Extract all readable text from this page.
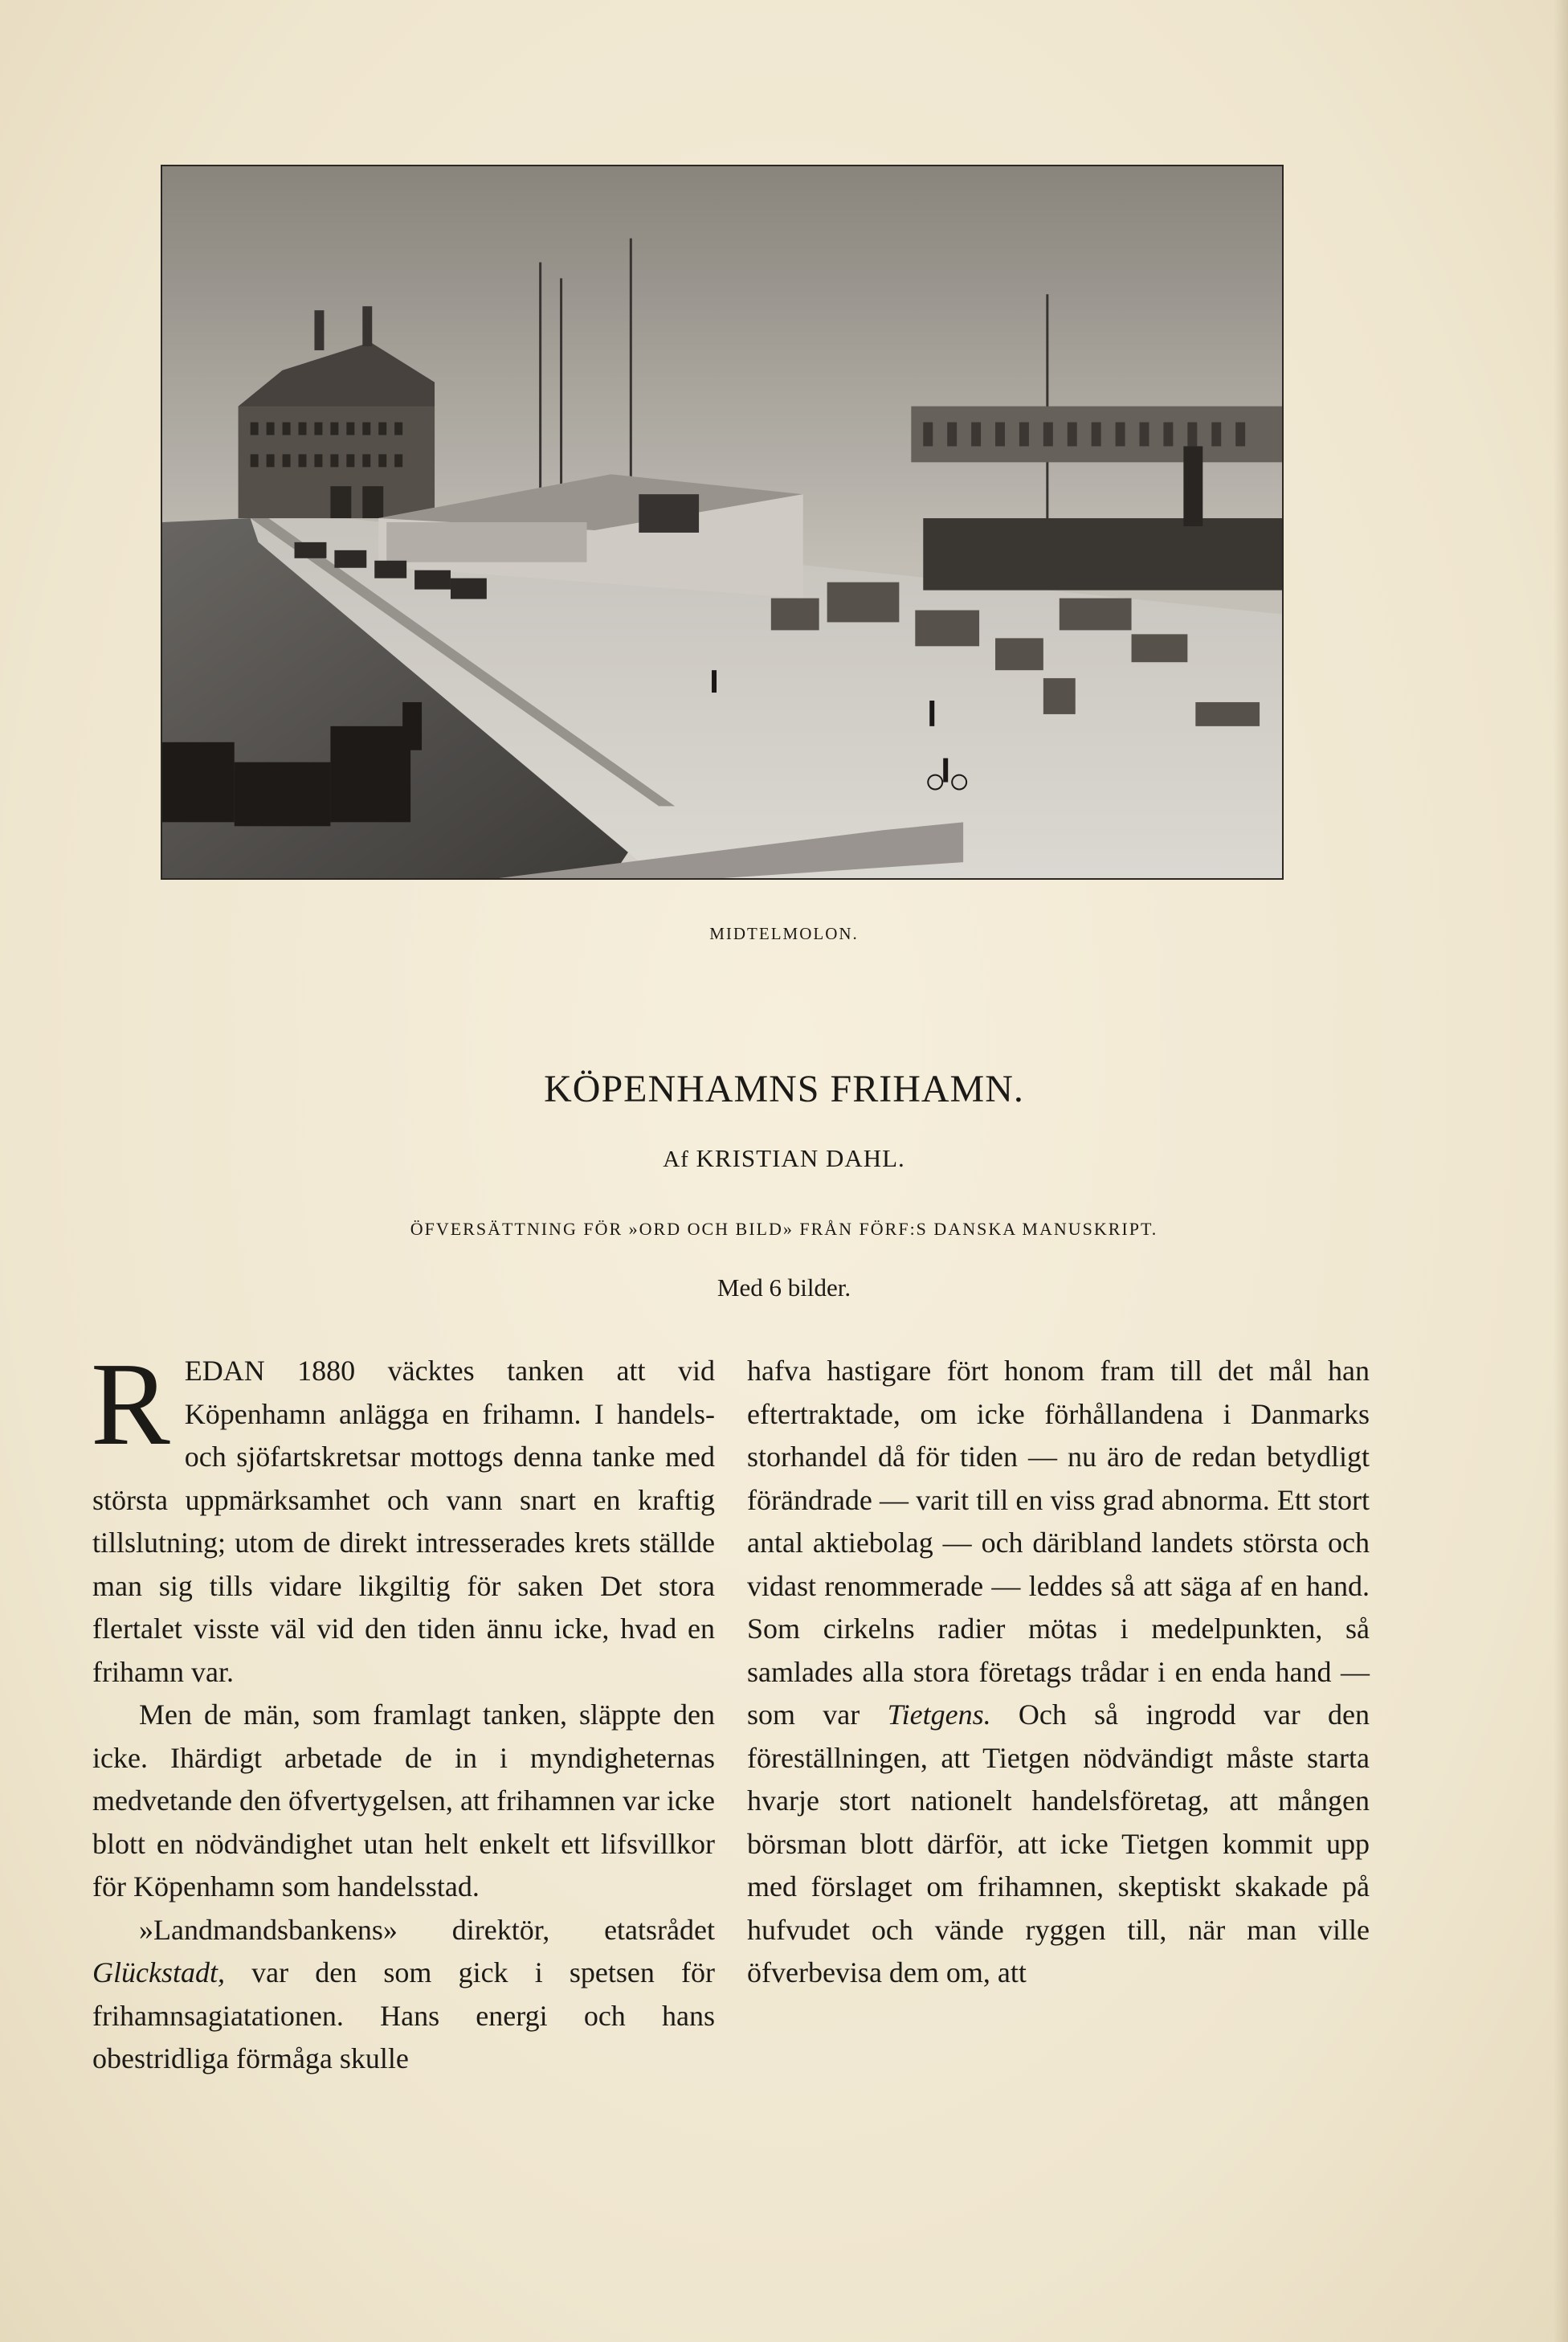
MIDTELMOLON.
KÖPENHAMNS FRIHAMN.
Af KRISTIAN DAHL.
ÖFVERSÄTTNING FÖR »ORD OCH BILD» FRÅN FÖRF:S DANSKA MANUSKRIPT.
Med 6 bilder.

REDAN 1880 väcktes tanken att vid Köpenhamn anlägga en frihamn. I handels- och sjöfartskretsar mottogs denna tanke med största uppmärksamhet och vann snart en kraftig tillslutning; utom de direkt intresserades krets ställde man sig tills vidare likgiltig för saken Det stora flertalet visste väl vid den tiden ännu icke, hvad en frihamn var.

Men de män, som framlagt tanken, släppte den icke. Ihärdigt arbetade de in i myndigheternas medvetande den öfvertygelsen, att frihamnen var icke blott en nödvändighet utan helt enkelt ett lifsvillkor för Köpenhamn som handelsstad.

»Landmandsbankens» direktör, etatsrådet Glückstadt, var den som gick i spetsen för frihamnsagiatationen. Hans energi och hans obestridliga förmåga skulle

hafva hastigare fört honom fram till det mål han eftertraktade, om icke förhållandena i Danmarks storhandel då för tiden — nu äro de redan betydligt förändrade — varit till en viss grad abnorma. Ett stort antal aktiebolag — och däribland landets största och vidast renommerade — leddes så att säga af en hand. Som cirkelns radier mötas i medelpunkten, så samlades alla stora företags trådar i en enda hand — som var Tietgens. Och så ingrodd var den föreställningen, att Tietgen nödvändigt måste starta hvarje stort nationelt handelsföretag, att mången börsman blott därför, att icke Tietgen kommit upp med förslaget om frihamnen, skeptiskt skakade på hufvudet och vände ryggen till, när man ville öfverbevisa dem om, att
